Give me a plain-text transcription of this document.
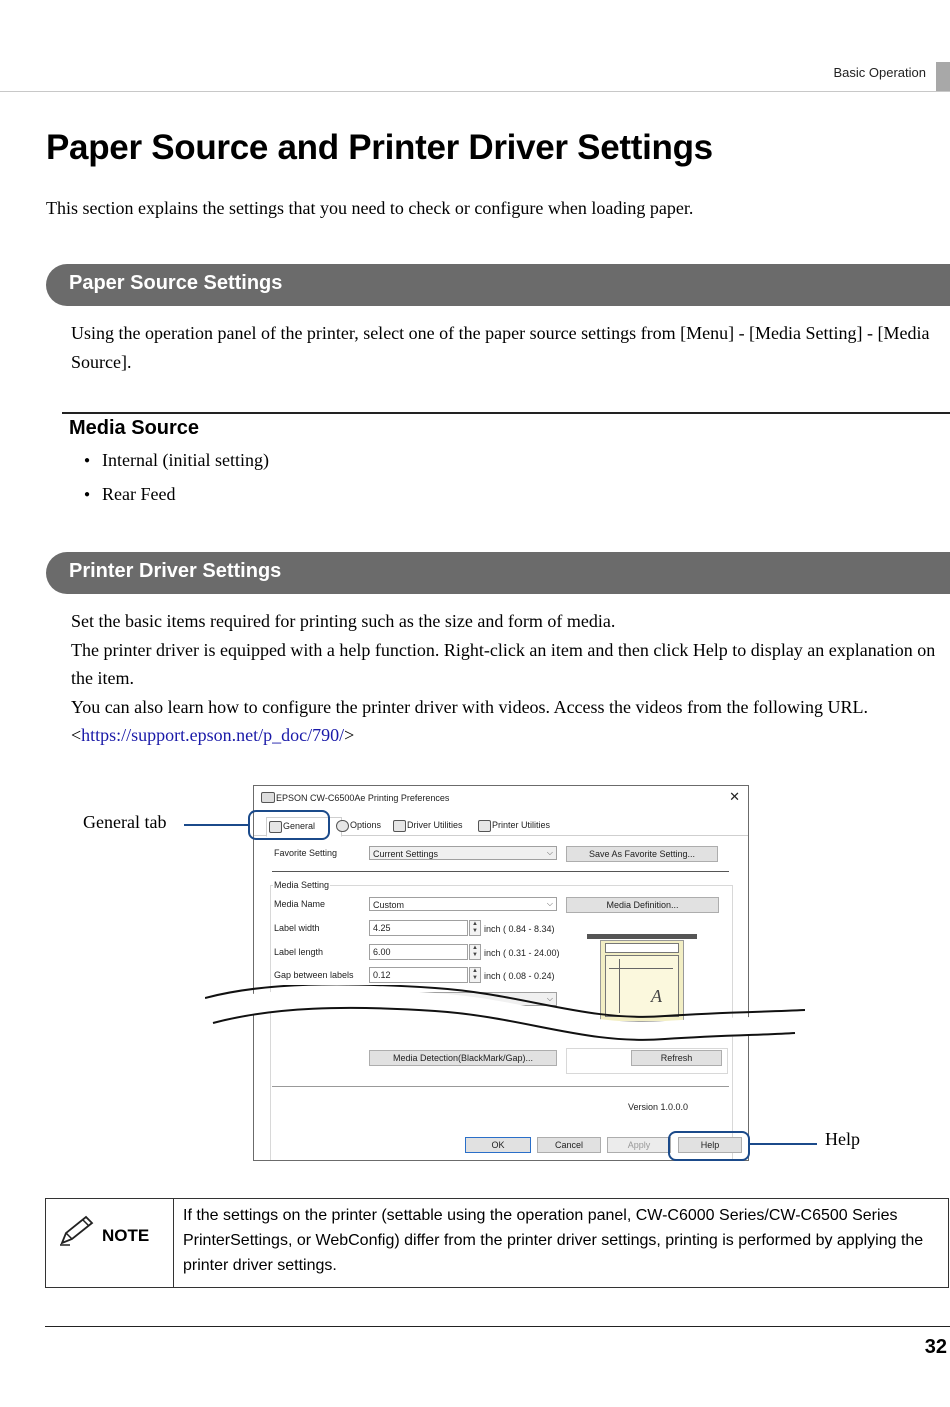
Basic Operation
Paper Source and Printer Driver Settings
This section explains the settings that you need to check or configure when loading paper.
Paper Source Settings
Using the operation panel of the printer, select one of the paper source settings from [Menu] - [Media Setting] - [Media Source].
Media Source
● Internal (initial setting)
● Rear Feed
Printer Driver Settings
Set the basic items required for printing such as the size and form of media.
The printer driver is equipped with a help function. Right-click an item and then click Help to display an explanation on the item.
You can also learn how to configure the printer driver with videos. Access the videos from the following URL.
<https://support.epson.net/p_doc/790/>
General tab
Help
EPSON CW-C6500Ae Printing Preferences	✕
General	Options	Driver Utilities	Printer Utilities
Favorite Setting	Current Settings	⌵	Save As Favorite Setting...
Media Setting
Media Name	Custom	⌵	Media Definition...
Label width	4.25	▲
▼ inch ( 0.84 - 8.34)
Label length	6.00	▲
▼ inch ( 0.31 - 24.00)
Gap between labels	0.12	▲
▼ inch ( 0.08 - 0.24)
⌵	A
Media Detection(BlackMark/Gap)...	Refresh
Version 1.0.0.0
OK	Cancel	Apply	Help
NOTE
If the settings on the printer (settable using the operation panel, CW-C6000 Series/CW-C6500 Series PrinterSettings, or WebConfig) differ from the printer driver settings, printing is performed by applying the printer driver settings.
32
